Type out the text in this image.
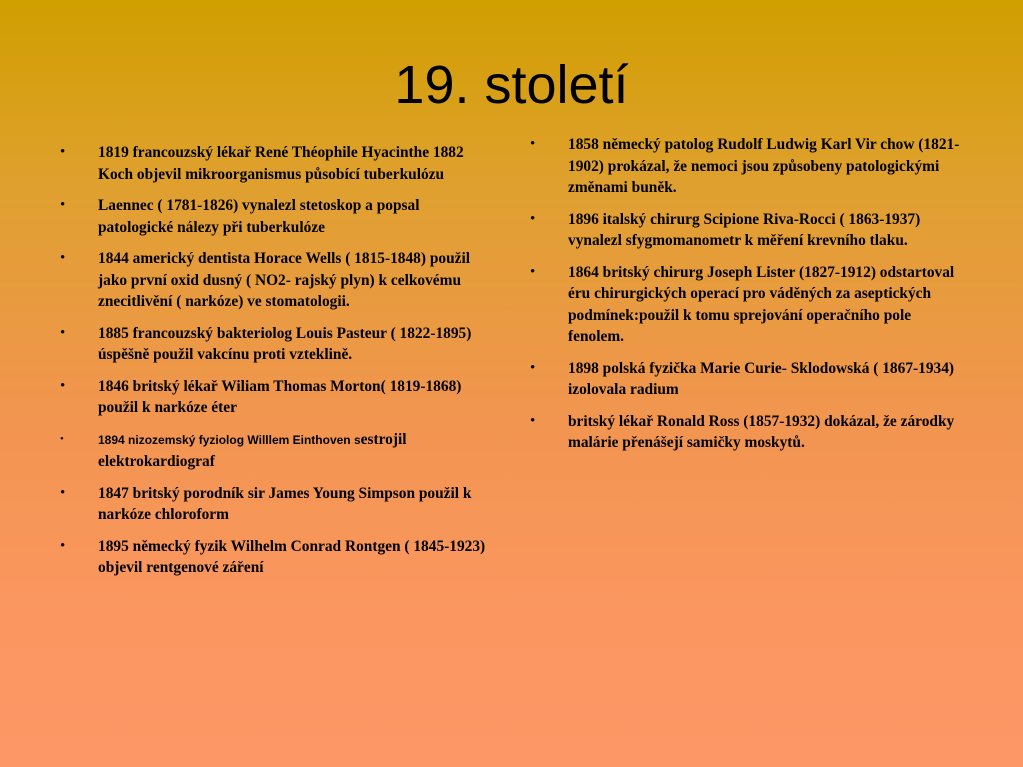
19. století
• 1819 francouzský lékař René Théophile Hyacinthe 1882 Koch objevil mikroorganismus působící tuberkulózu
• Laennec ( 1781-1826) vynalezl stetoskop a popsal patologické nálezy při tuberkulóze
• 1844 americký dentista Horace Wells ( 1815-1848) použil jako první oxid dusný ( NO2- rajský plyn) k celkovému znecitlivění ( narkóze) ve stomatologii.
• 1885 francouzský bakteriolog Louis Pasteur ( 1822-1895) úspěšně použil vakcínu proti vzteklině.
• 1846 britský lékař Wiliam Thomas Morton( 1819-1868) použil k narkóze éter
•	1894 nizozemský fyziolog Willlem Einthoven sestrojil elektrokardiograf
• 1847 britský porodník sir James Young Simpson použil k narkóze chloroform
• 1895 německý fyzik Wilhelm Conrad Rontgen ( 1845-1923) objevil rentgenové záření
• 1858 německý patolog Rudolf Ludwig Karl Vir chow (1821-1902) prokázal, že nemoci jsou způsobeny patologickými změnami buněk.
• 1896 italský chirurg Scipione Riva-Rocci ( 1863-1937) vynalezl sfygmomanometr k měření krevního tlaku.
• 1864 britský chirurg Joseph Lister (1827-1912) odstartoval éru chirurgických operací pro váděných za aseptických podmínek:použil k tomu sprejování operačního pole fenolem.
• 1898 polská fyzička Marie Curie- Sklodowská ( 1867-1934) izolovala radium
• britský lékař Ronald Ross (1857-1932) dokázal, že zárodky malárie přenášejí samičky moskytů.
